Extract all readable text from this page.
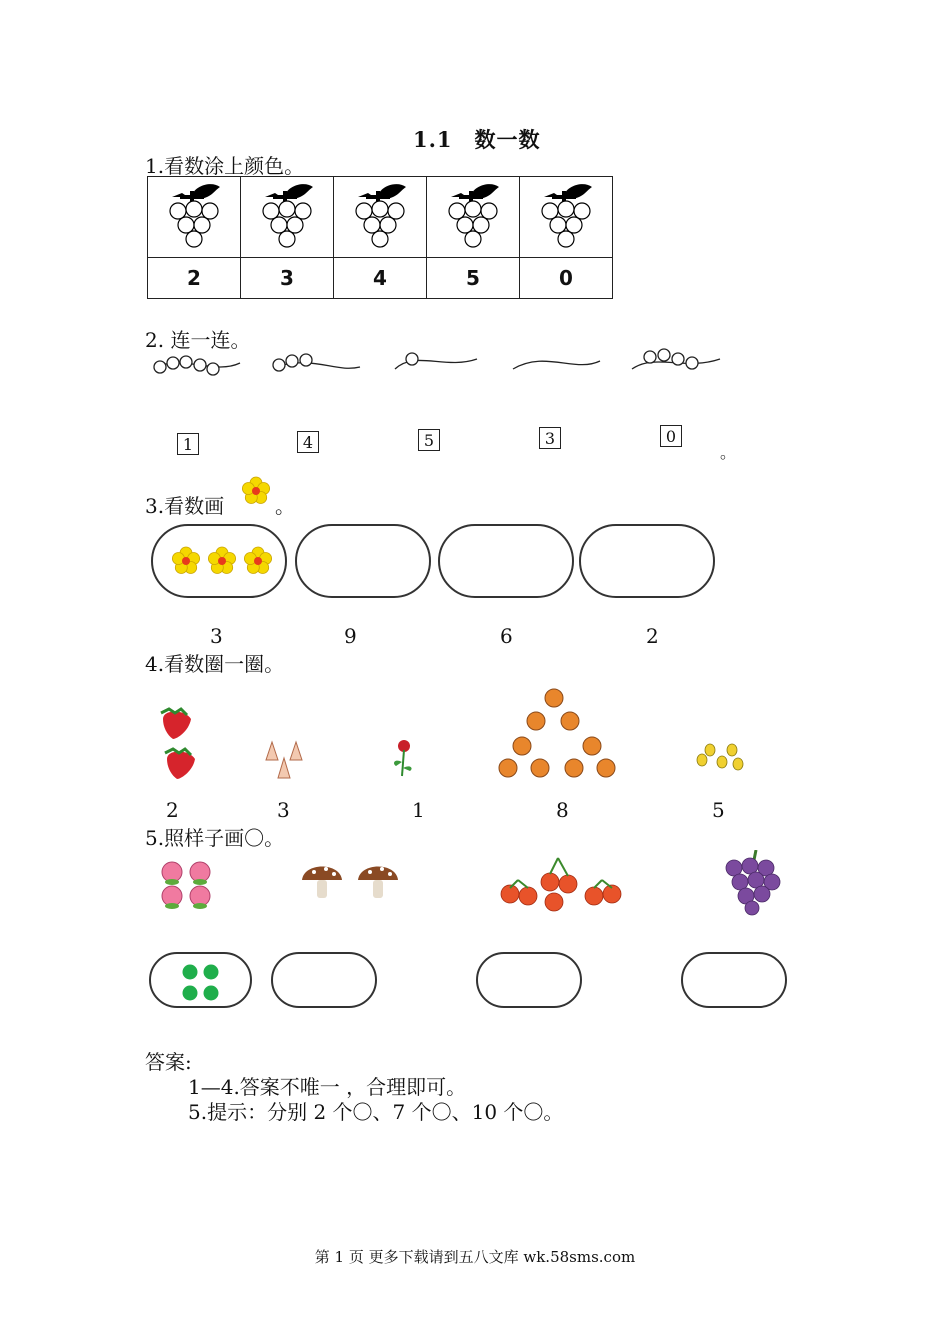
1.1　数一数
1.看数涂上颜色。

2	3	4	5	0
2. 连一连。
1	4	5	3	0
。
3.看数画	。
3	9	6	2
4.看数圈一圈。
2	3	1	8	5
5.照样子画〇。
答案:
1—4.答案不唯一 ，合理即可。
5.提示：分别 2 个〇、7 个〇、10 个〇。
第 1 页 更多下载请到五八文库 wk.58sms.com
